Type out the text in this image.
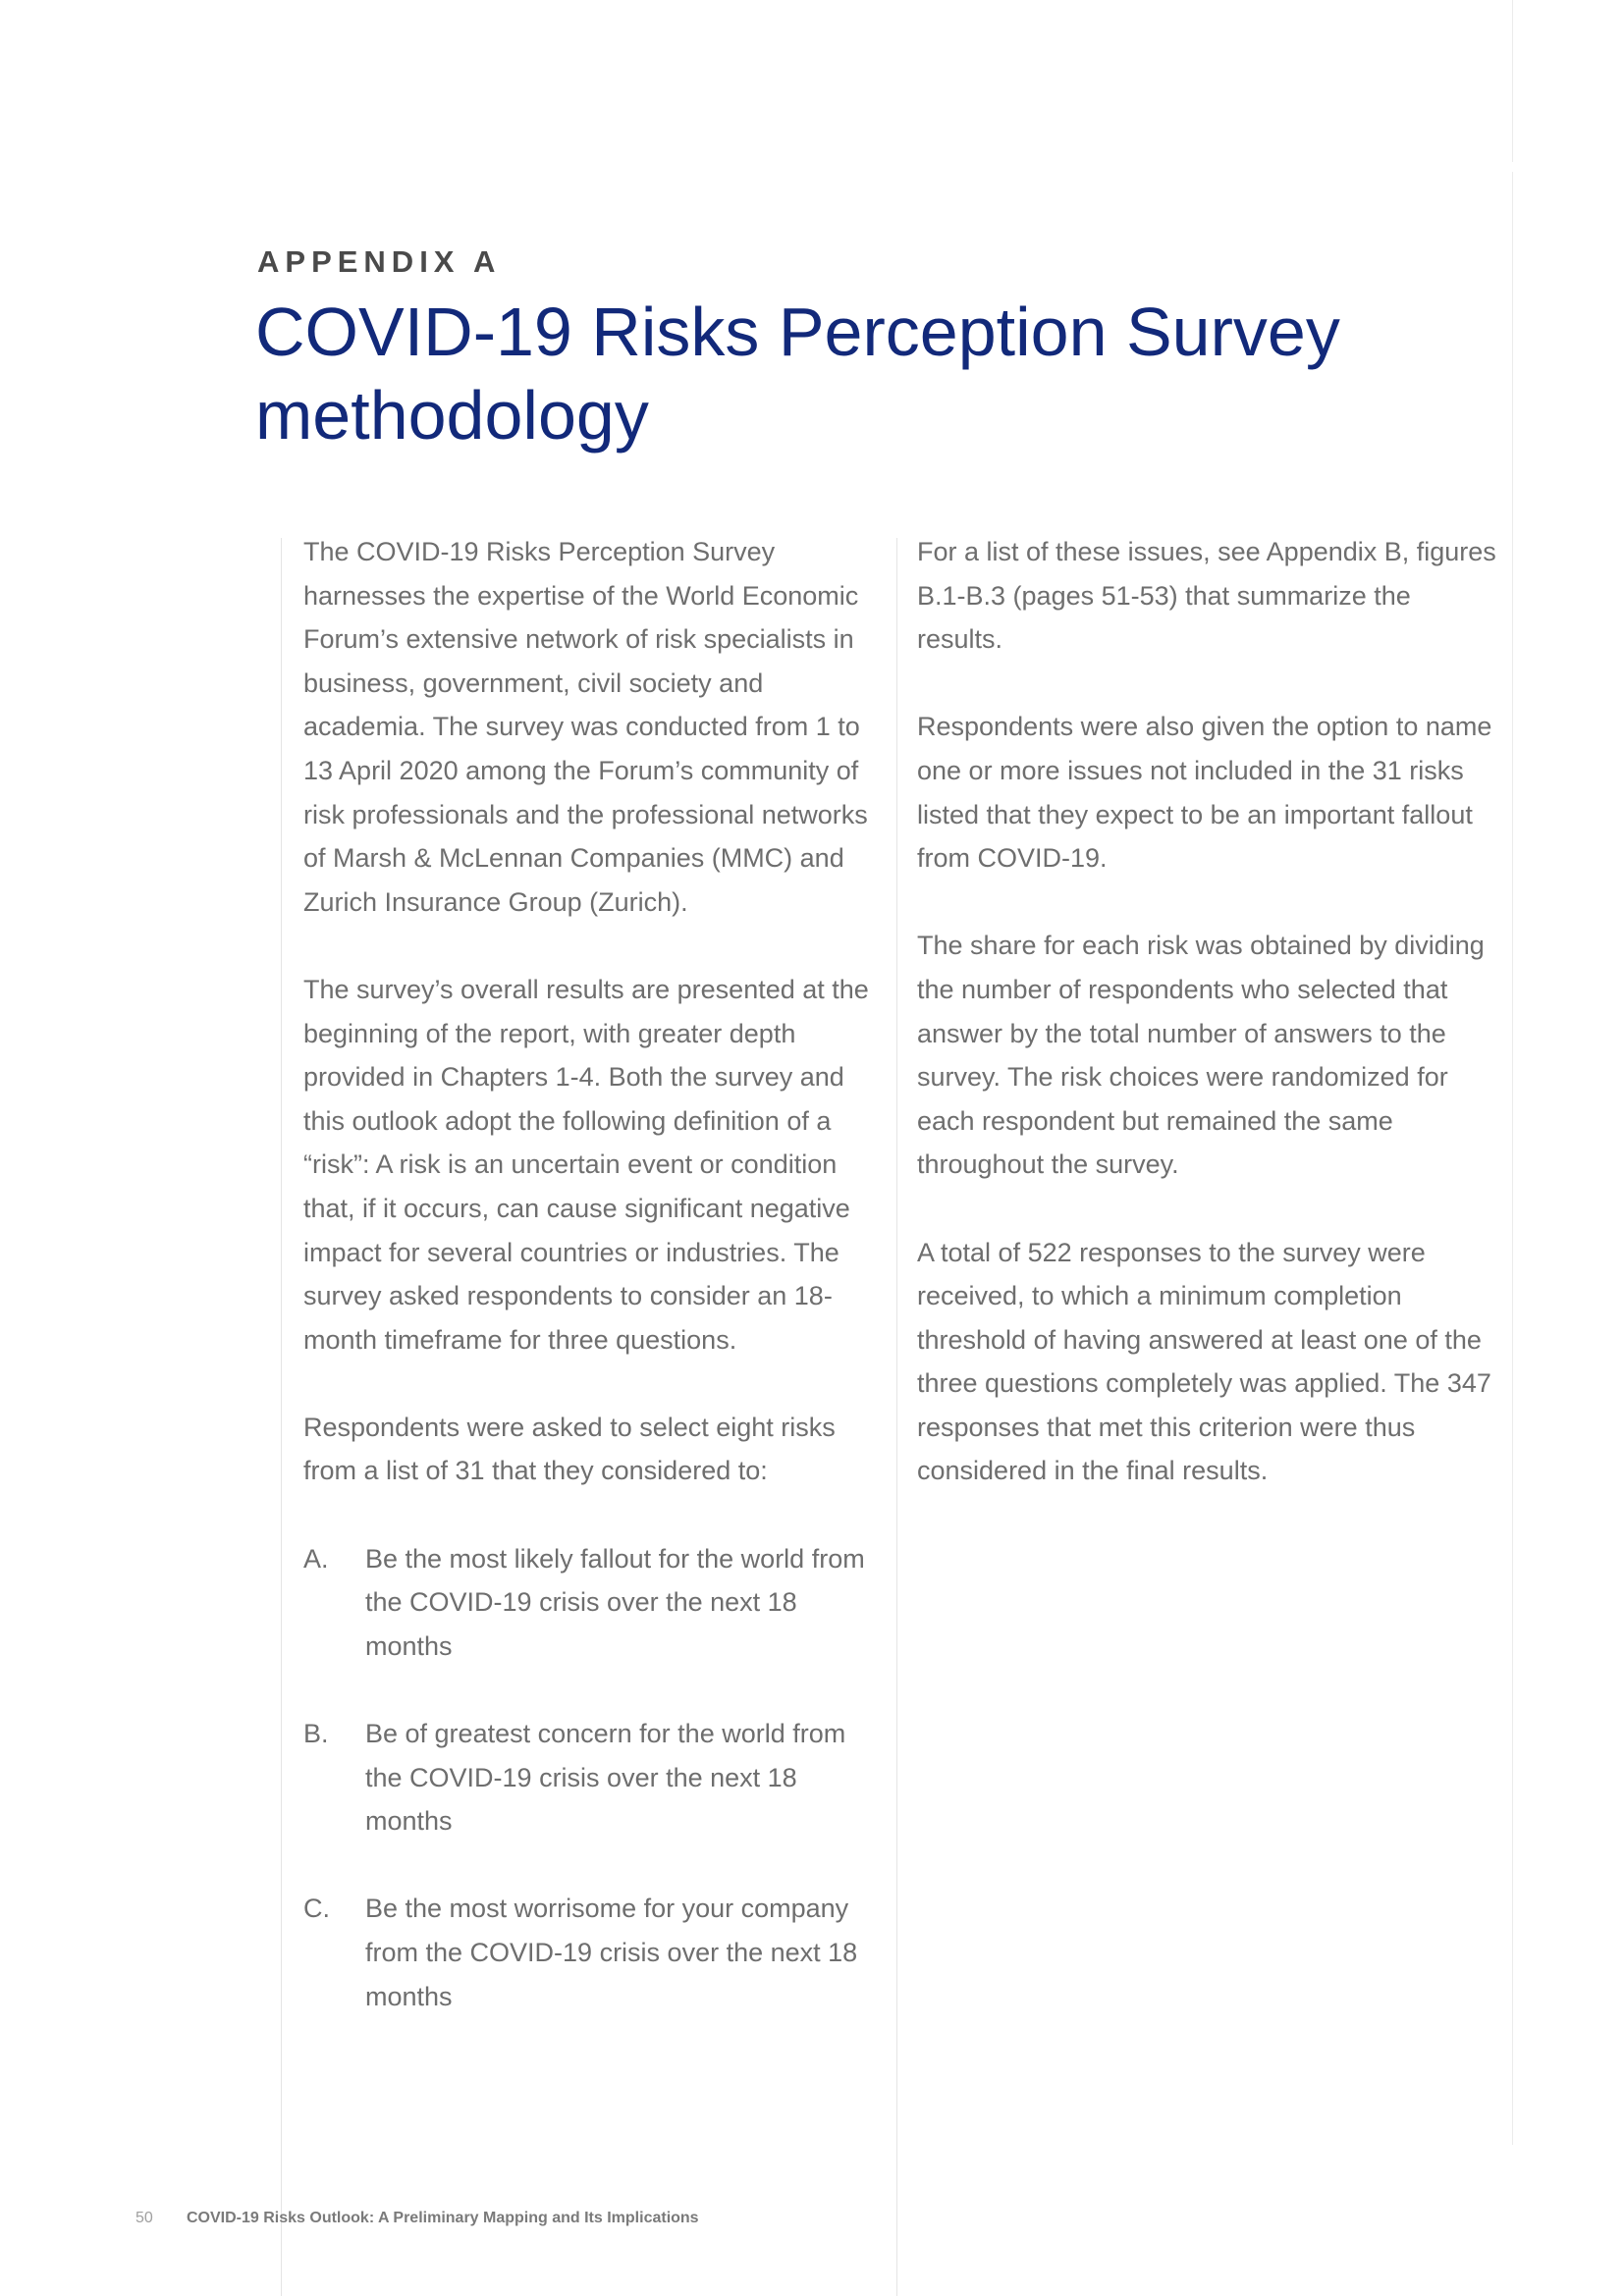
APPENDIX A
COVID-19 Risks Perception Survey methodology

The COVID-19 Risks Perception Survey harnesses the expertise of the World Economic Forum’s extensive network of risk specialists in business, government, civil society and academia. The survey was conducted from 1 to 13 April 2020 among the Forum’s community of risk professionals and the professional networks of Marsh & McLennan Companies (MMC) and Zurich Insurance Group (Zurich).

The survey’s overall results are presented at the beginning of the report, with greater depth provided in Chapters 1-4. Both the survey and this outlook adopt the following definition of a “risk”: A risk is an uncertain event or condition that, if it occurs, can cause significant negative impact for several countries or industries. The survey asked respondents to consider an 18-month timeframe for three questions.

Respondents were asked to select eight risks from a list of 31 that they considered to:

A. Be the most likely fallout for the world from the COVID-19 crisis over the next 18 months
B. Be of greatest concern for the world from the COVID-19 crisis over the next 18 months
C. Be the most worrisome for your company from the COVID-19 crisis over the next 18 months

For a list of these issues, see Appendix B, figures B.1-B.3 (pages 51-53) that summarize the results.

Respondents were also given the option to name one or more issues not included in the 31 risks listed that they expect to be an important fallout from COVID-19.

The share for each risk was obtained by dividing the number of respondents who selected that answer by the total number of answers to the survey. The risk choices were randomized for each respondent but remained the same throughout the survey.

A total of 522 responses to the survey were received, to which a minimum completion threshold of having answered at least one of the three questions completely was applied. The 347 responses that met this criterion were thus considered in the final results.

50 COVID-19 Risks Outlook: A Preliminary Mapping and Its Implications
